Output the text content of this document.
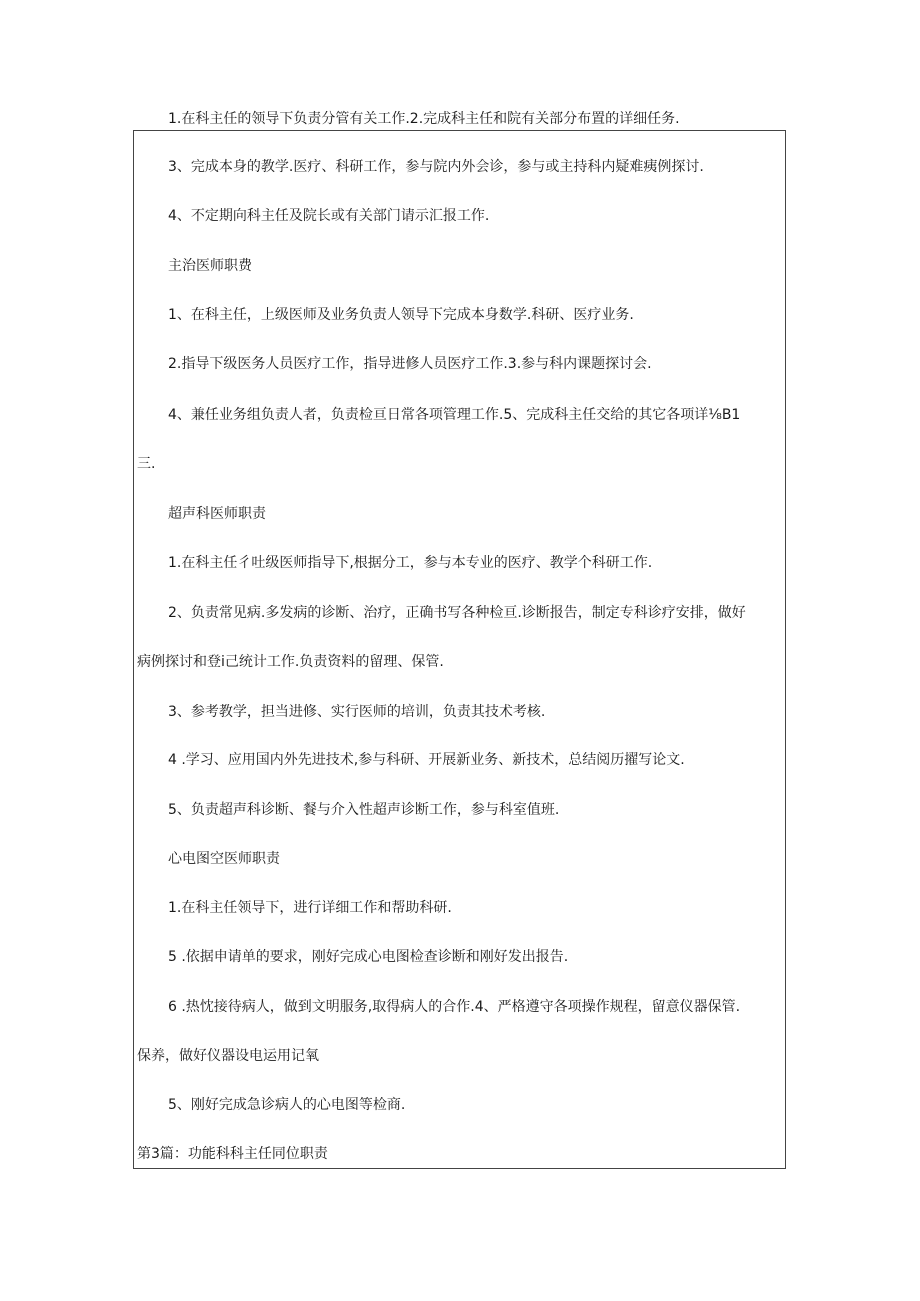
1.在科主任的领导下负责分管有关工作.2.完成科主任和院有关部分布置的详细任务.
3、完成本身的教学.医疗、科研工作，参与院内外会诊，参与或主持科内疑难痍例探讨.
4、不定期向科主任及院长或有关部门请示汇报工作.
主治医师职费
1、在科主任，上级医师及业务负责人领导下完成本身数学.科研、医疗业务.
2.指导下级医务人员医疗工作，指导进修人员医疗工作.3.参与科内课题探讨会.
4、兼任业务组负责人者，负责检亘日常各项管理工作.5、完成科主任交给的其它各项详⅛B1
三.
超声科医师职责
1.在科主任彳吐级医师指导下,根据分工，参与本专业的医疗、教学个科研工作.
2、负责常见病.多发病的诊断、治疗，正确书写各种检亘.诊断报告，制定专科诊疗安排，做好
病例探讨和登i己统计工作.负责资料的留理、保管.
3、参考教学，担当进修、实行医师的培训，负责其技术考核.
4 .学习、应用国内外先进技术,参与科研、开展新业务、新技术，总结阅历擢写论文.
5、负责超声科诊断、餐与介入性超声诊断工作，参与科室值班.
心电图空医师职责
1.在科主任领导下，进行详细工作和帮助科研.
5 .依据申请单的要求，刚好完成心电图检查诊断和刚好发出报告.
6 .热忱接待病人，做到文明服务,取得病人的合作.4、严格遵守各项操作规程，留意仪器保管.
保养，做好仪器设电运用记氧
5、刚好完成急诊病人的心电图等检商.
第3篇：功能科科主任同位职责
